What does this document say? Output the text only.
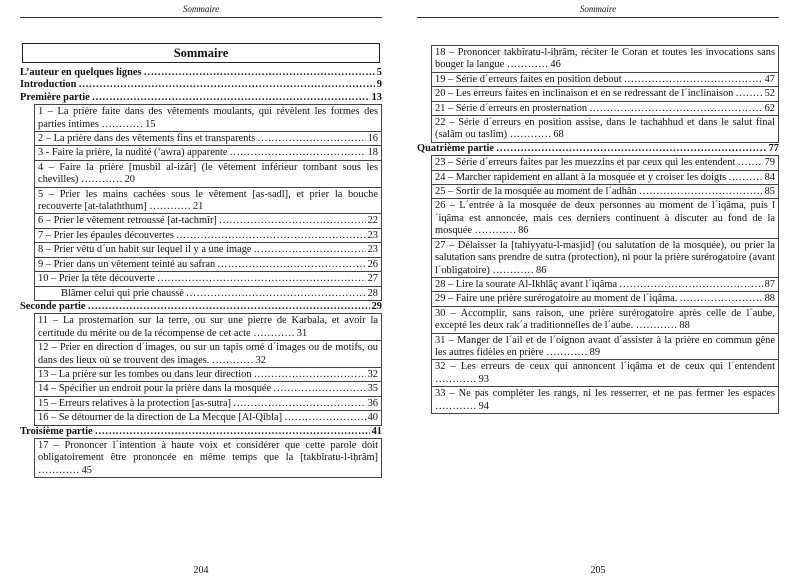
Sommaire
Sommaire
L’auteur en quelques lignes ………………………………………………………………………………………………………………………………………………………………	5
Introduction ………………………………………………………………………………………………………………………………………………………………	9
Première partie ………………………………………………………………………………………………………………………………………………………………	13
1 – La prière faite dans des vêtements moulants, qui révèlent les formes des parties intimes ………… 15
2 – La prière dans des vêtements fins et transparents ………………………………………………………………………………………………………………………………………………………………	16
3 - Faire la prière, la nudité (‘awra) apparente ………………………………………………………………………………………………………………………………………………………………	18
4 – Faire la prière [musbil al-izâr] (le vêtement inférieur tombant sous les chevilles) ………… 20
5 – Prier les mains cachées sous le vêtement [as-sadl], et prier la bouche recouverte [at-talaththum] ………… 21
6 – Prier le vêtement retroussé [at-tachmîr] ………………………………………………………………………………………………………………………………………………………………	22
7 – Prier les épaules découvertes ………………………………………………………………………………………………………………………………………………………………	23
8 – Prier vêtu d´un habit sur lequel il y a une image ………………………………………………………………………………………………………………………………………………………………	23
9 – Prier dans un vêtement teinté au safran ………………………………………………………………………………………………………………………………………………………………	26
10 – Prier la tête découverte ………………………………………………………………………………………………………………………………………………………………	27
Blâmer celui qui prie chaussé ………………………………………………………………………………………………………………………………………………………………	28
Seconde partie ………………………………………………………………………………………………………………………………………………………………	29
11 – La prosternation sur la terre, ou sur une pierre de Karbala, et avoir la certitude du mérite ou de la récompense de cet acte ………… 31
12 – Prier en direction d´images, ou sur un tapis orné d´images ou de motifs, ou dans des lieux où se trouvent des images. ………… 32
13 – La prière sur les tombes ou dans leur direction ………………………………………………………………………………………………………………………………………………………………	32
14 – Spécifier un endroit pour la prière dans la mosquée ………………………………………………………………………………………………………………………………………………………………	35
15 – Erreurs relatives à la protection [as-sutra] ………………………………………………………………………………………………………………………………………………………………	36
16 – Se détourner de la direction de La Mecque [Al-Qibla] ………………………………………………………………………………………………………………………………………………………………	40
Troisième partie ………………………………………………………………………………………………………………………………………………………………	41
17 – Prononcer l´intention à haute voix et considérer que cette parole doit obligatoirement être prononcée en même temps que la [takbîratu-l-iḥrâm] ………… 45
204
Sommaire
18 – Prononcer takbîratu-l-iḥrâm, réciter le Coran et toutes les invocations sans bouger la langue ………… 46
19 – Série d´erreurs faites en position debout ………………………………………………………………………………………………………………………………………………………………	47
20 – Les erreurs faites en inclinaison et en se redressant de l´inclinaison ………………………………………………………………………………………………………………………………………………………………	52
21 – Série d´erreurs en prosternation ………………………………………………………………………………………………………………………………………………………………	62
22 – Série d´erreurs en position assise, dans le tachahhud et dans le salut final (salâm ou taslîm) ………… 68
Quatrième partie ………………………………………………………………………………………………………………………………………………………………	77
23 – Série d´erreurs faites par les muezzins et par ceux qui les entendent ………………………………………………………………………………………………………………………………………………………………	79
24 – Marcher rapidement en allant à la mosquée et y croiser les doigts ………………………………………………………………………………………………………………………………………………………………	84
25 – Sortir de la mosquée au moment de l´adhân ………………………………………………………………………………………………………………………………………………………………	85
26 – L´entrée à la mosquée de deux personnes au moment de l´iqâma, puis l´iqâma est annoncée, mais ces derniers continuent à discuter au fond de la mosquée ………… 86
27 – Délaisser la [tahiyyatu-l-masjid] (ou salutation de la mosquée), ou prier la salutation sans prendre de sutra (protection), ni pour la prière surérogatoire (avant l´obligatoire) ………… 86
28 – Lire la sourate Al-Ikhlâç avant l´iqâma ………………………………………………………………………………………………………………………………………………………………	87
29 – Faire une prière surérogatoire au moment de l´iqâma. ………………………………………………………………………………………………………………………………………………………………	88
30 – Accomplir, sans raison, une prière surérogatoire après celle de l´aube, excepté les deux rak´a traditionnelles de l´aube. ………… 88
31 – Manger de l´ail et de l´oignon avant d´assister à la prière en commun gêne les autres fidèles en prière ………… 89
32 – Les erreurs de ceux qui annoncent l´iqâma et de ceux qui l´entendent ………… 93
33 – Ne pas compléter les rangs, ni les resserrer, et ne pas fermer les espaces ………… 94
205
